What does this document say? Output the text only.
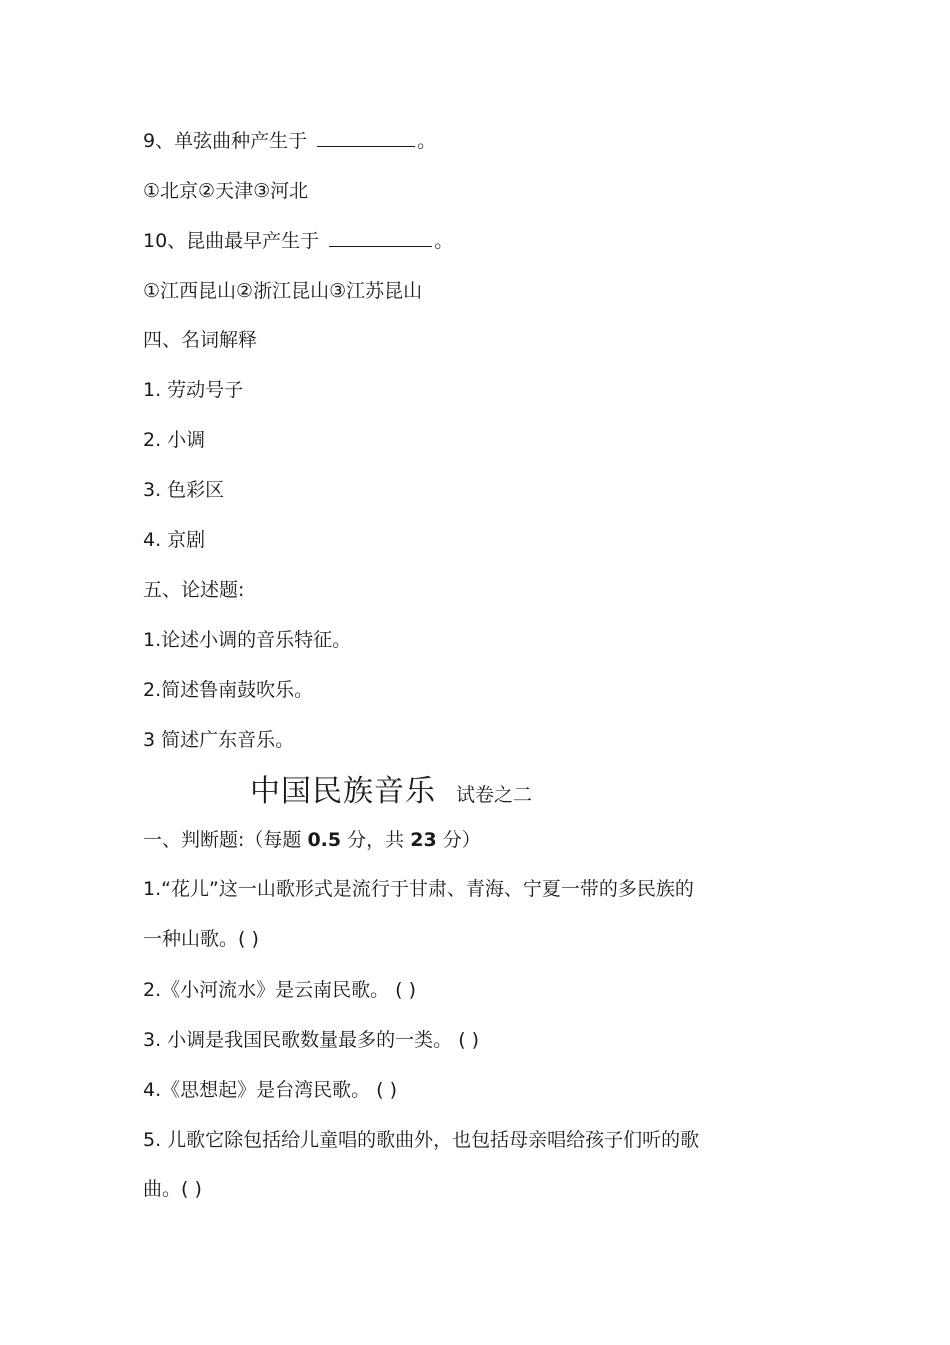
9、单弦曲种产生于	。
①北京②天津③河北
10、昆曲最早产生于	。
①江西昆山②浙江昆山③江苏昆山
四、名词解释
1. 劳动号子
2. 小调
3. 色彩区
4. 京剧
五、论述题:
1.论述小调的音乐特征。
2.简述鲁南鼓吹乐。
3 简述广东音乐。
中国民族音乐 试卷之二
一、判断题:（每题 0.5 分，共 23 分）
1.“花儿”这一山歌形式是流行于甘肃、青海、宁夏一带的多民族的
一种山歌。( )
2.《小河流水》是云南民歌。 ( )
3. 小调是我国民歌数量最多的一类。 ( )
4.《思想起》是台湾民歌。 ( )
5. 儿歌它除包括给儿童唱的歌曲外，也包括母亲唱给孩子们听的歌
曲。( )
